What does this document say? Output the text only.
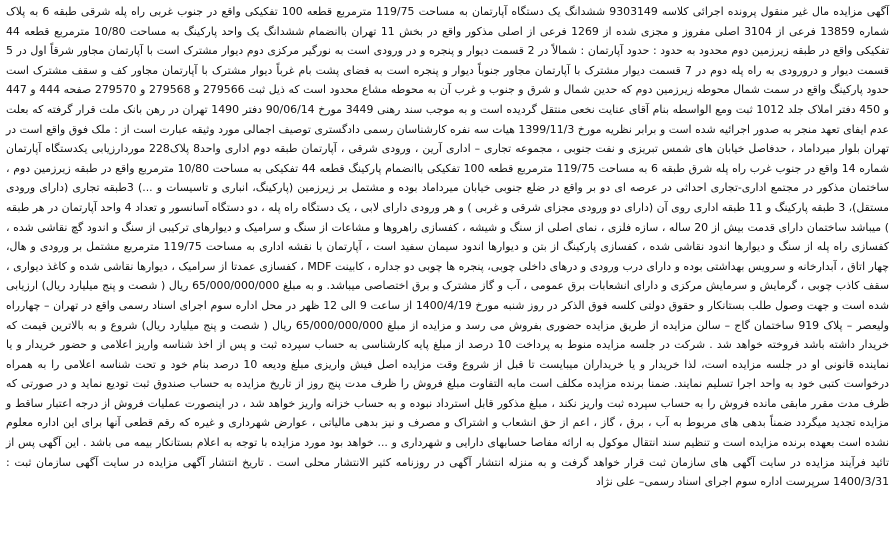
آگهی مزایده مال غیر منقول پرونده اجرائی کلاسه 9303149 ششدانگ یک دستگاه آپارتمان به مساحت 119/75 مترمربع قطعه 100 تفکیکی واقع در جنوب غربی راه پله شرقی طبقه 6 به پلاک شماره 13859 فرعی از 3104 اصلی مفروز و مجزی شده از 1269 فرعی از اصلی مذکور واقع در بخش 11 تهران باانضمام ششدانگ یک واحد پارکینگ به مساحت 10/80 مترمربع قطعه 44 تفکیکی واقع در طبقه زیرزمین دوم محدود به حدود : حدود آپارتمان : شمالاً در 2 قسمت دیوار و پنجره و در ورودی است به نورگیر مرکزی دوم دیوار مشترک است با آپارتمان مجاور شرقاً اول در 5 قسمت دیوار و درورودی به راه پله دوم در 7 قسمت دیوار مشترک با آپارتمان مجاور جنوباً دیوار و پنجره است به فضای پشت بام غرباً دیوار مشترک با آپارتمان مجاور کف و سقف مشترک است حدود پارکینگ واقع در سمت شمال محوطه زیرزمین دوم که حدین شمال و شرق و جنوب و غرب آن به محوطه مشاع محدود است که ذیل ثبت 279566 و 279568 و 279570 صفحه 444 و 447 و 450 دفتر املاک جلد 1012 ثبت ومع الواسطه بنام آقای عنایت نخعی منتقل گردیده است و به موجب سند رهنی 3449 مورخ 90/06/14 دفتر 1490 تهران در رهن بانک ملت قرار گرفته که بعلت عدم ایفای تعهد منجر به صدور اجرائیه شده است و برابر نظریه مورخ 1399/11/3 هیات سه نفره کارشناسان رسمی دادگستری توصیف اجمالی مورد وثیقه عبارت است از : ملک فوق واقع است در تهران بلوار میرداماد ، حدفاصل خیابان های شمس تبریزی و نفت جنوبی ، مجموعه تجاری – اداری آرین ، ورودی شرقی ، آپارتمان طبقه دوم اداری واحد8 پلاک228 موردارزیابی یکدستگاه آپارتمان شماره 14 واقع در جنوب غرب راه پله شرق طبقه 6 به مساحت 119/75 مترمربع قطعه 100 تفکیکی باانضمام پارکینگ قطعه 44 تفکیکی به مساحت 10/80 مترمربع واقع در طبقه زیرزمین دوم ، ساختمان مذکور در مجتمع اداری-تجاری احداثی در عرصه ای دو بر واقع در ضلع جنوبی خیابان میرداماد بوده و مشتمل بر زیرزمین (پارکینگ، انباری و تاسیسات و ...) 3طبقه تجاری (دارای ورودی مستقل)، 3 طبقه پارکینگ و 11 طبقه اداری روی آن (دارای دو ورودی مجزای شرقی و غربی ) و هر ورودی دارای لابی ، یک دستگاه راه پله ، دو دستگاه آسانسور و تعداد 4 واحد آپارتمان در هر طبقه ) میباشد ساختمان دارای قدمت بیش از 20 ساله ، سازه فلزی ، نمای اصلی از سنگ و شیشه ، کفسازی راهروها و مشاعات از سنگ و سرامیک و دیوارهای ترکیبی از سنگ و اندود گچ نقاشی شده ، کفسازی راه پله از سنگ و دیوارها اندود نقاشی شده ، کفسازی پارکینگ از بتن و دیوارها اندود سیمان سفید است ، آپارتمان با نقشه اداری به مساحت 119/75 مترمربع مشتمل بر ورودی و هال، چهار اتاق ، آبدارخانه و سرویس بهداشتی بوده و دارای درب ورودی و درهای داخلی چوبی، پنجره ها چوبی دو جداره ، کابینت MDF ، کفسازی عمدتا از سرامیک ، دیوارها نقاشی شده و کاغذ دیواری ، سقف کاذب چوبی ، گرمایش و سرمایش مرکزی و دارای انشعابات برق عمومی ، آب و گاز مشترک و برق اختصاصی میباشد. و به مبلغ 65/000/000/000 ریال ( شصت و پنج میلیارد ریال) ارزیابی شده است و جهت وصول طلب بستانکار و حقوق دولتی کلسه فوق الذکر در روز شنبه مورخ 1400/4/19 از ساعت 9 الی 12 ظهر در محل اداره سوم اجرای اسناد رسمی واقع در تهران – چهارراه ولیعصر – پلاک 919 ساختمان گاج – سالن مزایده از طریق مزایده حضوری بفروش می رسد و مزایده از مبلغ 65/000/000/000 ریال ( شصت و پنج میلیارد ریال) شروع و به بالاترین قیمت که خریدار داشته باشد فروخته خواهد شد . شرکت در جلسه مزایده منوط به پرداخت 10 درصد از مبلغ پایه کارشناسی به حساب سپرده ثبت و پس از اخذ شناسه واریز اعلامی و حضور خریدار و یا نماینده قانونی او در جلسه مزایده است، لذا خریدار و یا خریداران میبایست تا قبل از شروع وقت مزایده اصل فیش واریزی مبلغ ودیعه 10 درصد بنام خود و تحت شناسه اعلامی را به همراه درخواست کتبی خود به واحد اجرا تسلیم نمایند. ضمنا برنده مزایده مکلف است مابه التفاوت مبلغ فروش را ظرف مدت پنج روز از تاریخ مزایده به حساب صندوق ثبت تودیع نماید و در صورتی که ظرف مدت مقرر مابقی مانده فروش را به حساب سپرده ثبت واریز نکند ، مبلغ مذکور قابل استرداد نبوده و به حساب خزانه واریز خواهد شد ، در اینصورت عملیات فروش از درجه اعتبار ساقط و مزایده تجدید میگردد ضمناً بدهی های مربوط به آب ، برق ، گاز ، اعم از حق انشعاب و اشتراک و مصرف و نیز بدهی مالیاتی ، عوارض شهرداری و غیره که رقم قطعی آنها برای این اداره معلوم نشده است بعهده برنده مزایده است و تنظیم سند انتقال موکول به ارائه مفاصا حسابهای دارایی و شهرداری و ... خواهد بود مورد مزایده با توجه به اعلام بستانکار بیمه می باشد . این آگهی پس از تائید فرآیند مزایده در سایت آگهی های سازمان ثبت قرار خواهد گرفت و به منزله انتشار آگهی در روزنامه کثیر الانتشار محلی است . تاریخ انتشار آگهی مزایده در سایت آگهی سازمان ثبت : 1400/3/31 سرپرست اداره سوم اجرای اسناد رسمی– علی نژاد
